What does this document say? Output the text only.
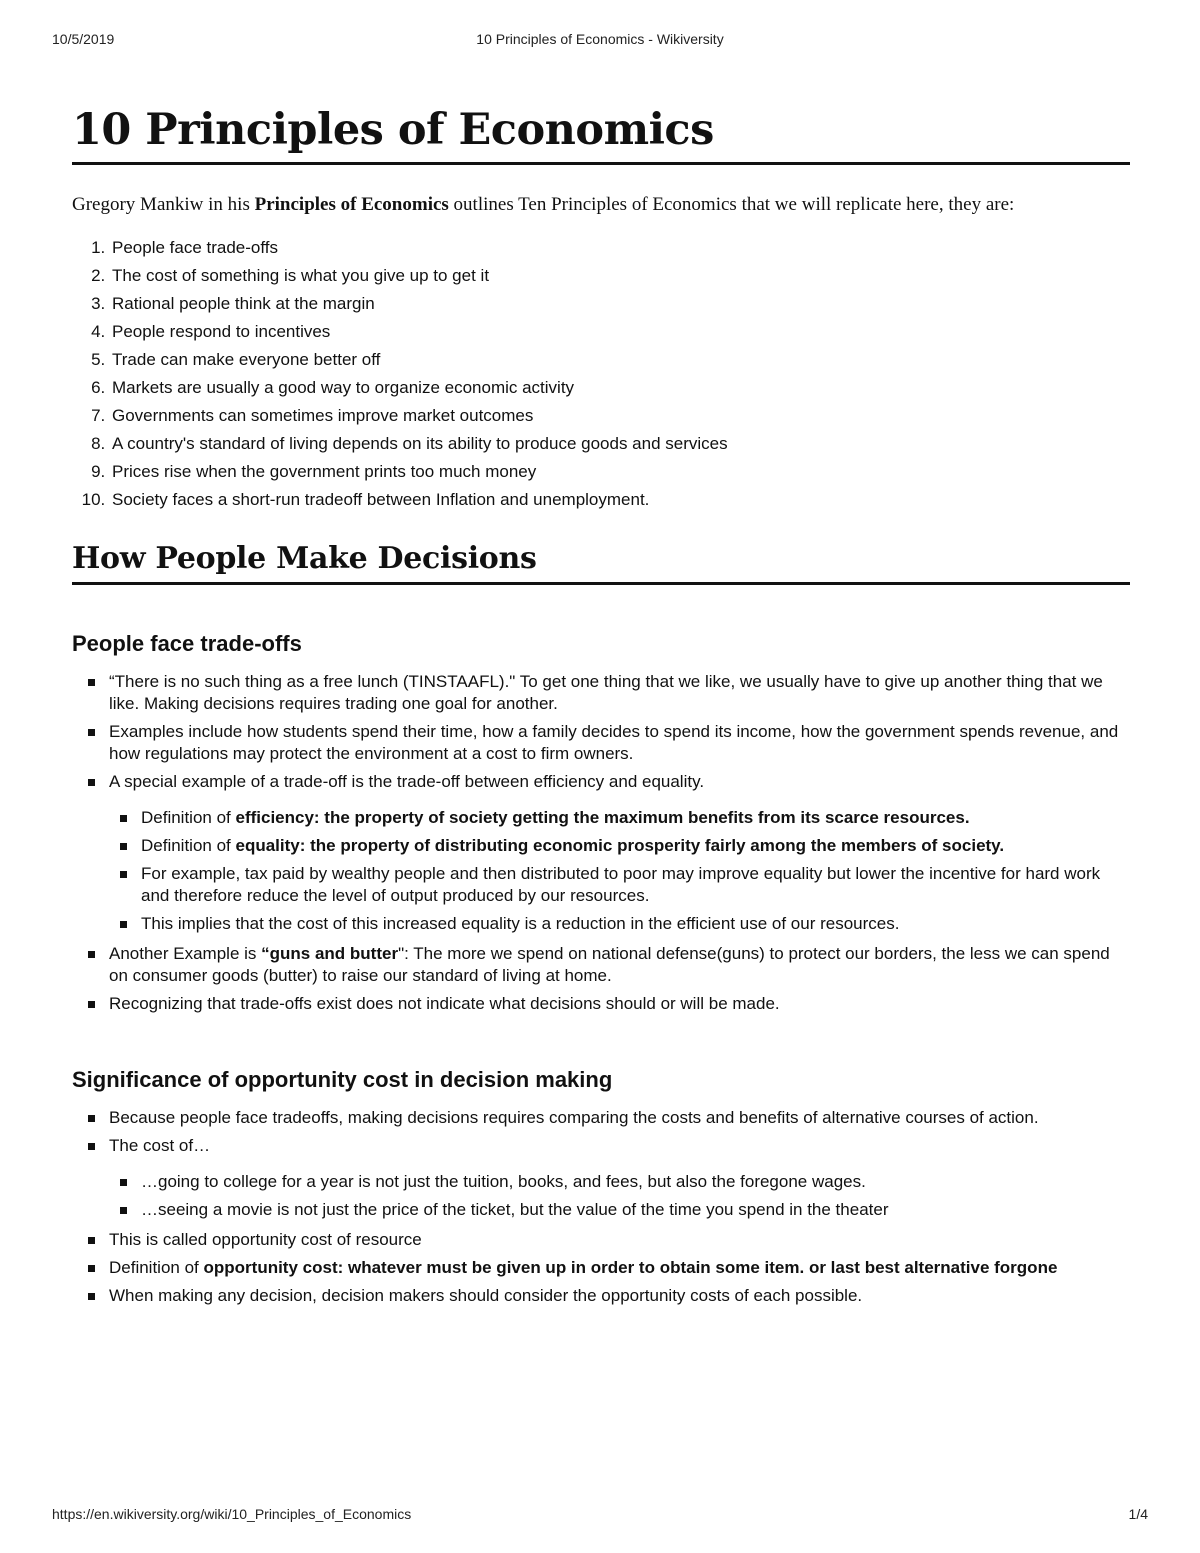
10/5/2019	10 Principles of Economics - Wikiversity
10 Principles of Economics

Gregory Mankiw in his Principles of Economics outlines Ten Principles of Economics that we will replicate here, they are:

1. People face trade-offs
2. The cost of something is what you give up to get it
3. Rational people think at the margin
4. People respond to incentives
5. Trade can make everyone better off
6. Markets are usually a good way to organize economic activity
7. Governments can sometimes improve market outcomes
8. A country's standard of living depends on its ability to produce goods and services
9. Prices rise when the government prints too much money
10. Society faces a short-run tradeoff between Inflation and unemployment.
How People Make Decisions
People face trade-offs
“There is no such thing as a free lunch (TINSTAAFL)." To get one thing that we like, we usually have to give up another thing that we like. Making decisions requires trading one goal for another.
Examples include how students spend their time, how a family decides to spend its income, how the government spends revenue, and how regulations may protect the environment at a cost to firm owners.
A special example of a trade-off is the trade-off between efficiency and equality.
Definition of efficiency: the property of society getting the maximum benefits from its scarce resources.
Definition of equality: the property of distributing economic prosperity fairly among the members of society.
For example, tax paid by wealthy people and then distributed to poor may improve equality but lower the incentive for hard work and therefore reduce the level of output produced by our resources.
This implies that the cost of this increased equality is a reduction in the efficient use of our resources.
Another Example is “guns and butter": The more we spend on national defense(guns) to protect our borders, the less we can spend on consumer goods (butter) to raise our standard of living at home.
Recognizing that trade-offs exist does not indicate what decisions should or will be made.
Significance of opportunity cost in decision making
Because people face tradeoffs, making decisions requires comparing the costs and benefits of alternative courses of action.
The cost of…
…going to college for a year is not just the tuition, books, and fees, but also the foregone wages.
…seeing a movie is not just the price of the ticket, but the value of the time you spend in the theater
This is called opportunity cost of resource
Definition of opportunity cost: whatever must be given up in order to obtain some item. or last best alternative forgone
When making any decision, decision makers should consider the opportunity costs of each possible.
https://en.wikiversity.org/wiki/10_Principles_of_Economics	1/4
